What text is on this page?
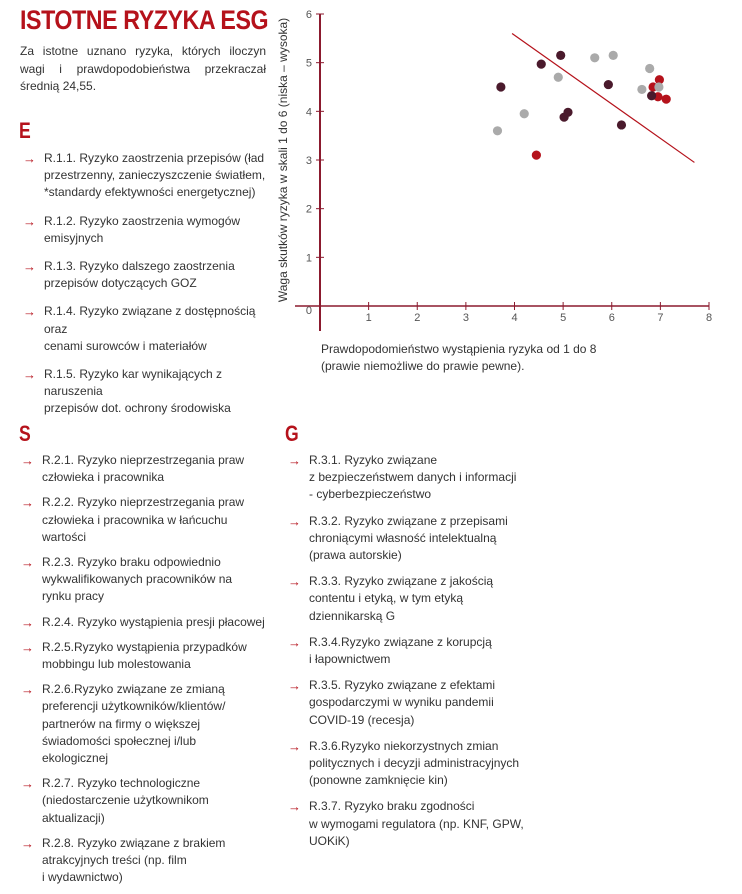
ISTOTNE RYZYKA ESG

Za istotne uznano ryzyka, których iloczyn wagi i prawdopodobieństwa przekraczał średnią 24,55.

E
→ R.1.1. Ryzyko zaostrzenia przepisów (ład
przestrzenny, zanieczyszczenie światłem,
*standardy efektywności energetycznej)
→ R.1.2. Ryzyko zaostrzenia wymogów
emisyjnych
→ R.1.3. Ryzyko dalszego zaostrzenia
przepisów dotyczących GOZ
→ R.1.4. Ryzyko związane z dostępnością oraz
cenami surowców i materiałów
→ R.1.5. Ryzyko kar wynikających z naruszenia
przepisów dot. ochrony środowiska
S
→ R.2.1. Ryzyko nieprzestrzegania praw
człowieka i pracownika
→ R.2.2. Ryzyko nieprzestrzegania praw
człowieka i pracownika w łańcuchu
wartości
→ R.2.3. Ryzyko braku odpowiednio
wykwalifikowanych pracowników na
rynku pracy
→ R.2.4. Ryzyko wystąpienia presji płacowej
→ R.2.5.Ryzyko wystąpienia przypadków
mobbingu lub molestowania
→ R.2.6.Ryzyko związane ze zmianą
preferencji użytkowników/klientów/
partnerów na firmy o większej
świadomości społecznej i/lub
ekologicznej
→ R.2.7. Ryzyko technologiczne
(niedostarczenie użytkownikom
aktualizacji)
→ R.2.8. Ryzyko związane z brakiem
atrakcyjnych treści (np. film
i wydawnictwo)
G
→ R.3.1. Ryzyko związane
z bezpieczeństwem danych i informacji
- cyberbezpieczeństwo
→ R.3.2. Ryzyko związane z przepisami
chroniącymi własność intelektualną
(prawa autorskie)
→ R.3.3. Ryzyko związane z jakością
contentu i etyką, w tym etyką
dziennikarską G
→ R.3.4.Ryzyko związane z korupcją
i łapownictwem
→ R.3.5. Ryzyko związane z efektami
gospodarczymi w wyniku pandemii
COVID-19 (recesja)
→ R.3.6.Ryzyko niekorzystnych zmian
politycznych i decyzji administracyjnych
(ponowne zamknięcie kin)
→ R.3.7. Ryzyko braku zgodności
w wymogami regulatora (np. KNF, GPW,
UOKiK)
0
1
2
3
4
5
6
1	2	3	4	5	6	7	8
Waga skutków ryzyka w skali 1 do 6 (niska – wysoka)
Prawdopodomieństwo wystąpienia ryzyka od 1 do 8
(prawie niemożliwe do prawie pewne).
